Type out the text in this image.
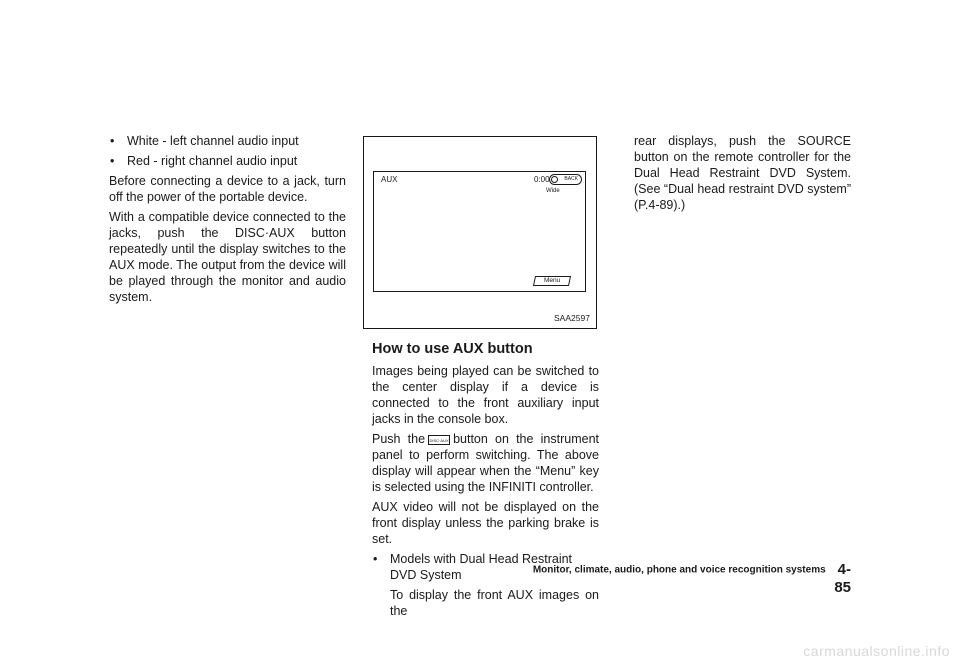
• White - left channel audio input
• Red - right channel audio input

Before connecting a device to a jack, turn off the power of the portable device.

With a compatible device connected to the jacks, push the DISC·AUX button repeatedly until the display switches to the AUX mode. The output from the device will be played through the monitor and audio system.

AUX	0:00	BACK
Wide
Menu
SAA2597
How to use AUX button

Images being played can be switched to the center display if a device is connected to the front auxiliary input jacks in the console box.

Push the DISC·AUX button on the instrument panel to perform switching. The above display will appear when the “Menu” key is selected using the INFINITI controller.

AUX video will not be displayed on the front display unless the parking brake is set.

• Models with Dual Head Restraint DVD System

To display the front AUX images on the

rear displays, push the SOURCE button on the remote controller for the Dual Head Restraint DVD System. (See “Dual head restraint DVD system” (P.4-89).)

Monitor, climate, audio, phone and voice recognition systems 4-85
carmanualsonline.info
